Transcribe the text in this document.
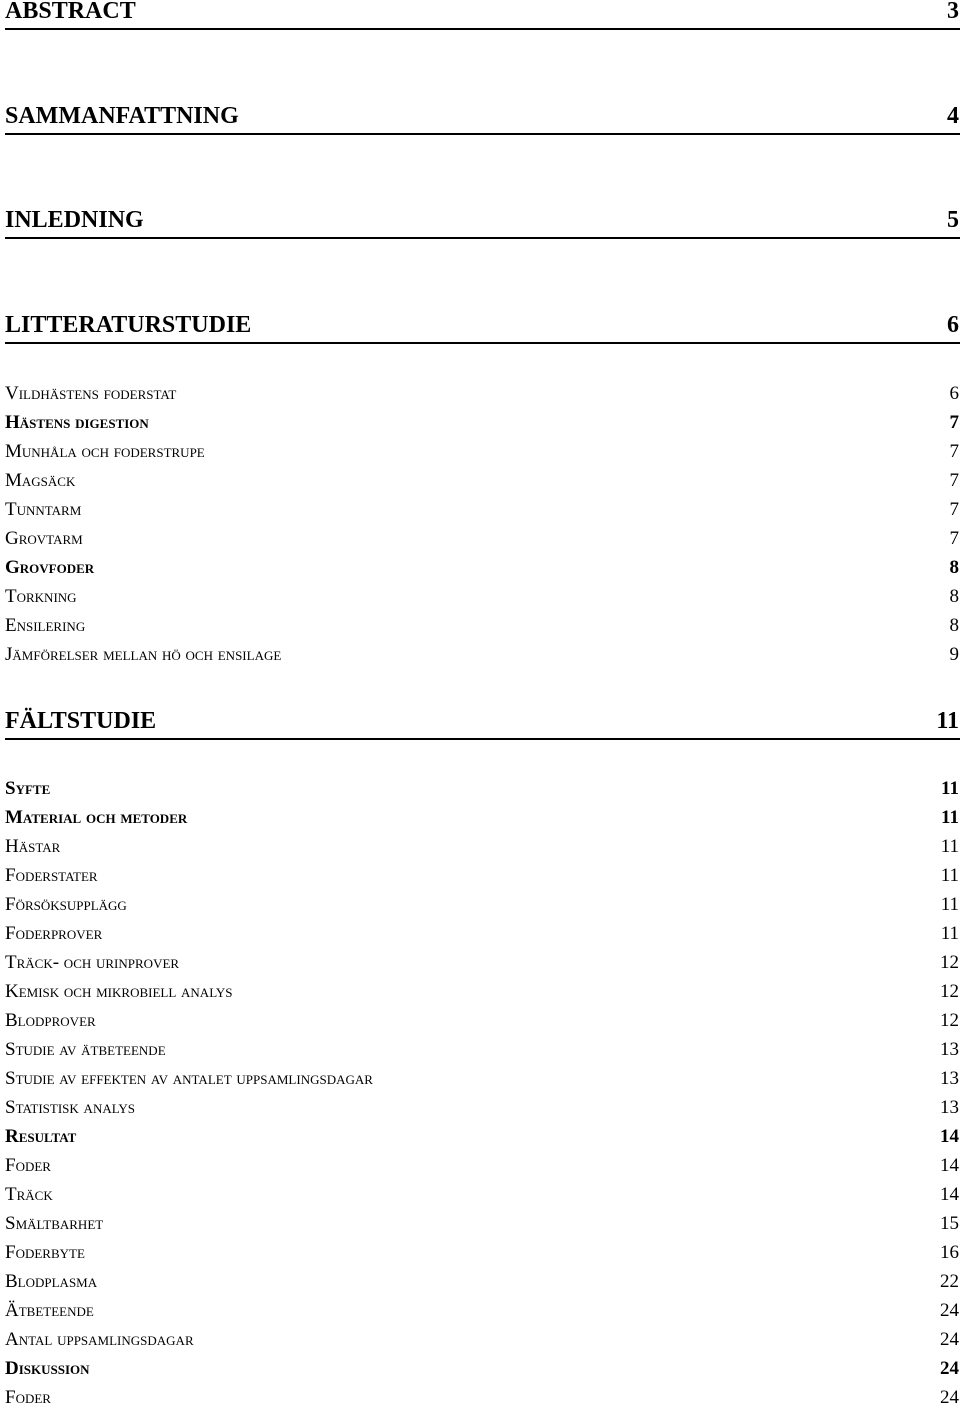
ABSTRACT	3
SAMMANFATTNING	4
INLEDNING	5
LITTERATURSTUDIE	6
Vildhästens foderstat	6
Hästens digestion	7
Munhåla och foderstrupe	7
Magsäck	7
Tunntarm	7
Grovtarm	7
Grovfoder	8
Torkning	8
Ensilering	8
Jämförelser mellan hö och ensilage	9
FÄLTSTUDIE	11
Syfte	11
Material och metoder	11
Hästar	11
Foderstater	11
Försöksupplägg	11
Foderprover	11
Träck- och urinprover	12
Kemisk och mikrobiell analys	12
Blodprover	12
Studie av ätbeteende	13
Studie av effekten av antalet uppsamlingsdagar	13
Statistisk analys	13
Resultat	14
Foder	14
Träck	14
Smältbarhet	15
Foderbyte	16
Blodplasma	22
Ätbeteende	24
Antal uppsamlingsdagar	24
Diskussion	24
Foder	24
